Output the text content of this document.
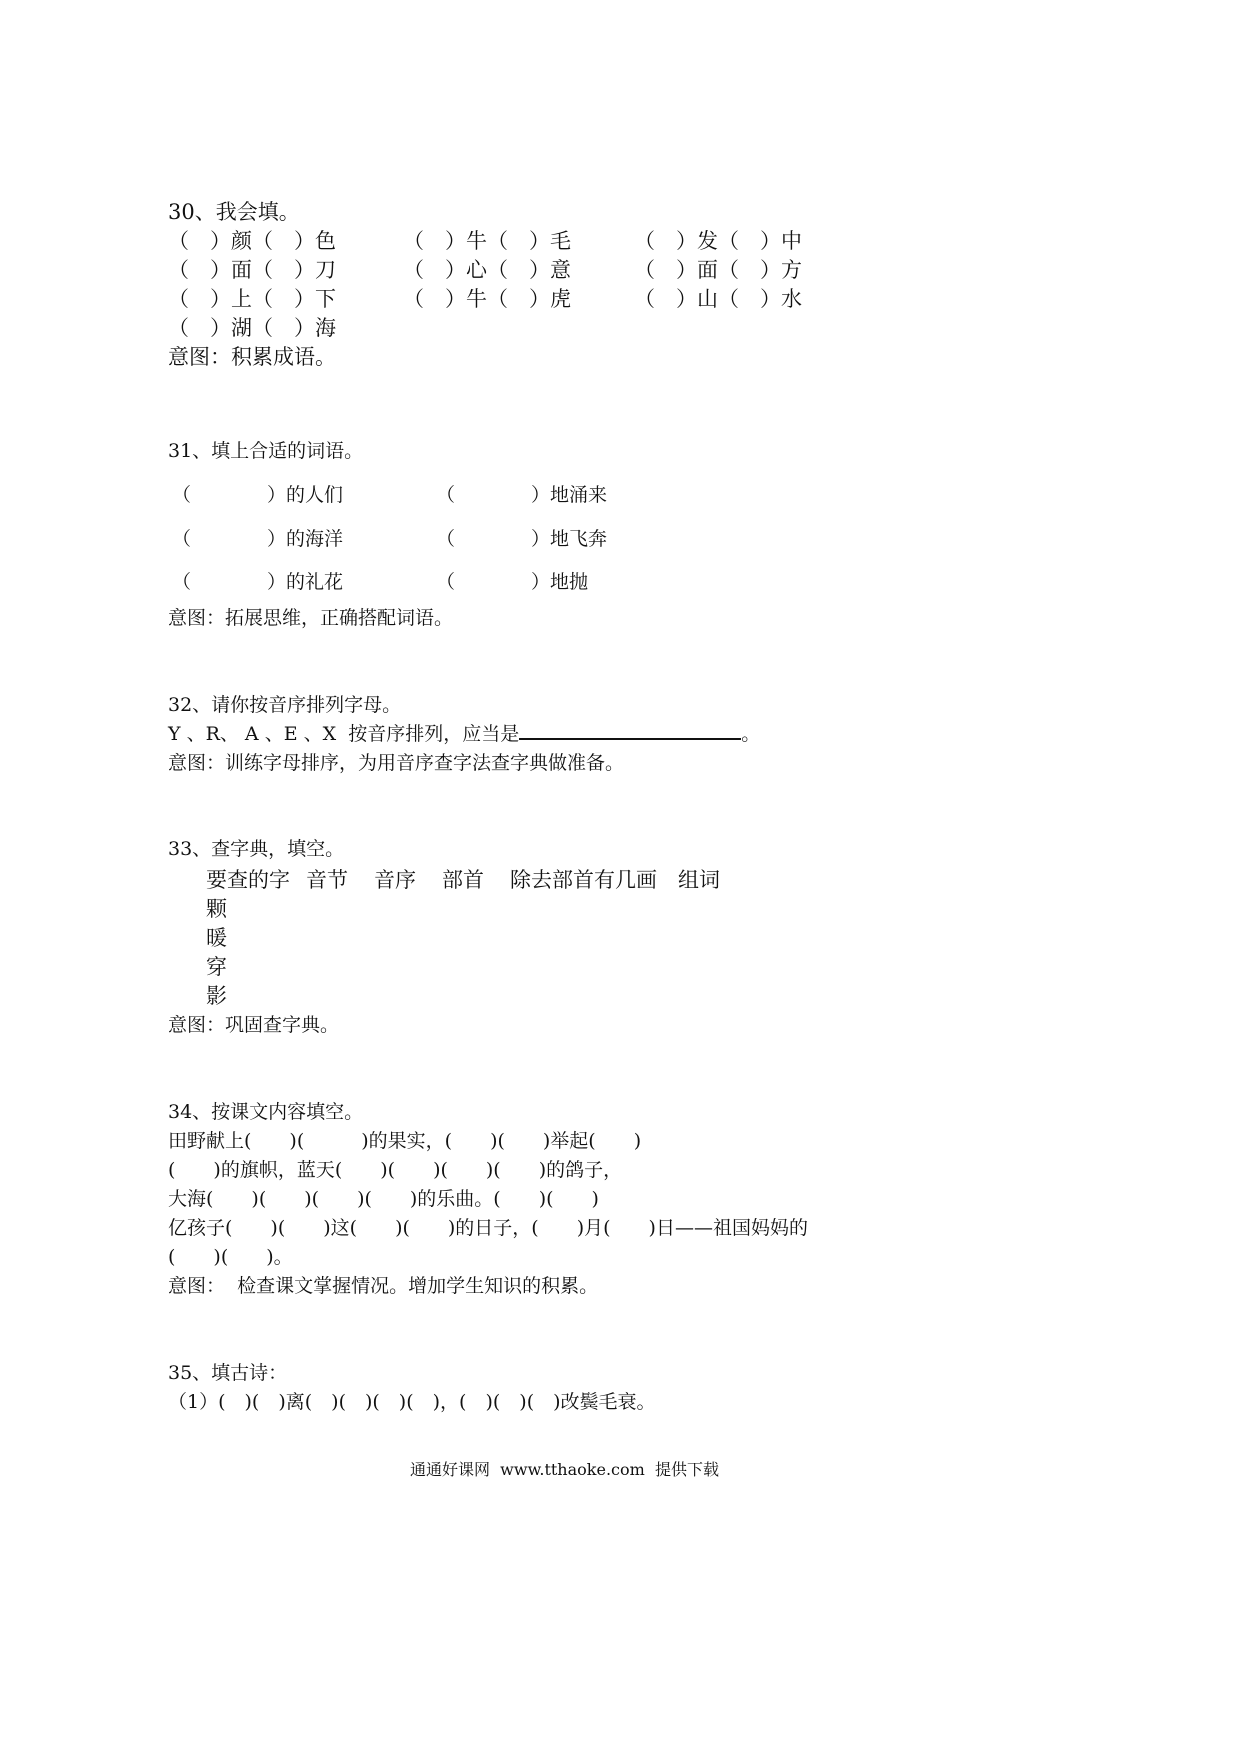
30、我会填。
（　）颜（　）色	（　）牛（　）毛	（　）发（　）中
（　）面（　）刀	（　）心（　）意	（　）面（　）方
（　）上（　）下	（　）牛（　）虎	（　）山（　）水
（　）湖（　）海
意图：积累成语。
31、填上合适的词语。
（　　　　）的人们	（　　　　）地涌来
（　　　　）的海洋	（　　　　）地飞奔
（　　　　）的礼花	（　　　　）地抛
意图：拓展思维，正确搭配词语。
32、请你按音序排列字母。
Y 、R、 A 、E 、X  按音序排列，应当是	。
意图：训练字母排序，为用音序查字法查字典做准备。
33、查字典，填空。
要查的字 音节 音序 部首 除去部首有几画 组词
颗
暖
穿
影
意图：巩固查字典。
34、按课文内容填空。
田野献上(　　)(　　　)的果实，(　　)(　　)举起(　　)
(　　)的旗帜，蓝天(　　)(　　)(　　)(　　)的鸽子，
大海(　　)(　　)(　　)(　　)的乐曲。(　　)(　　)
亿孩子(　　)(　　)这(　　)(　　)的日子，(　　)月(　　)日——祖国妈妈的
(　　)(　　)。
意图：  检查课文掌握情况。增加学生知识的积累。
35、填古诗：
（1）(　)(　)离(　)(　)(　)(　)，(　)(　)(　)改鬓毛衰。
通通好课网  www.tthaoke.com  提供下载
